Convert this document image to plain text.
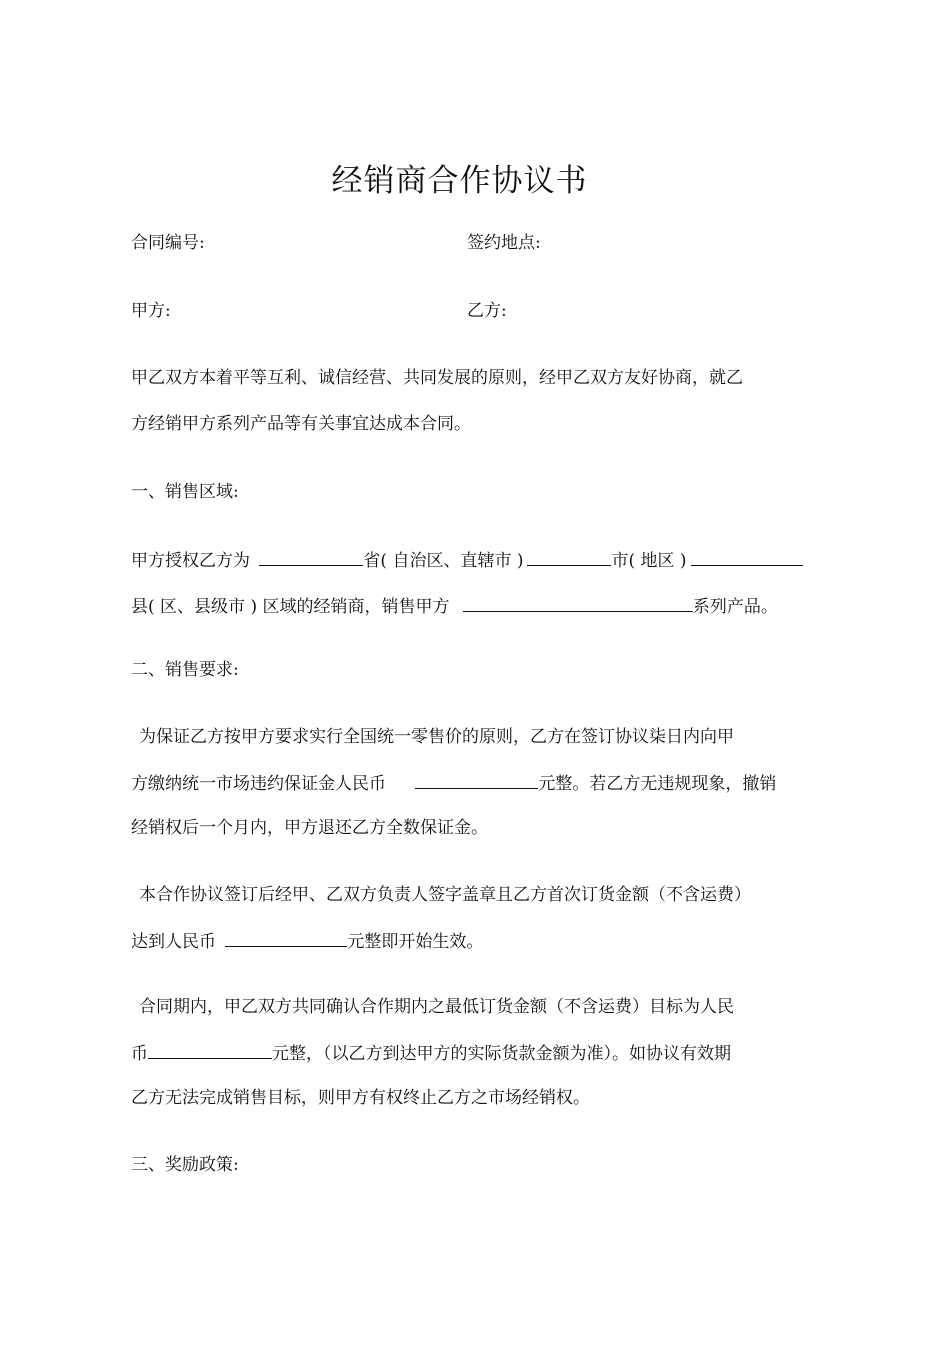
经销商合作协议书
合同编号:	签约地点:
甲方:	乙方:
甲乙双方本着平等互利、诚信经营、共同发展的原则，经甲乙双方友好协商，就乙
方经销甲方系列产品等有关事宜达成本合同。
一、销售区域:
甲方授权乙方为	省( 自治区、直辖市 )	市( 地区 )
县( 区、县级市 ) 区域的经销商，销售甲方	系列产品。
二、销售要求:
为保证乙方按甲方要求实行全国统一零售价的原则，乙方在签订协议柒日内向甲
方缴纳统一市场违约保证金人民币	元整。若乙方无违规现象，撤销
经销权后一个月内，甲方退还乙方全数保证金。
本合作协议签订后经甲、乙双方负责人签字盖章且乙方首次订货金额（不含运费）
达到人民币	元整即开始生效。
合同期内，甲乙双方共同确认合作期内之最低订货金额（不含运费）目标为人民
币	元整，（以乙方到达甲方的实际货款金额为准）。如协议有效期
乙方无法完成销售目标，则甲方有权终止乙方之市场经销权。
三、奖励政策:
